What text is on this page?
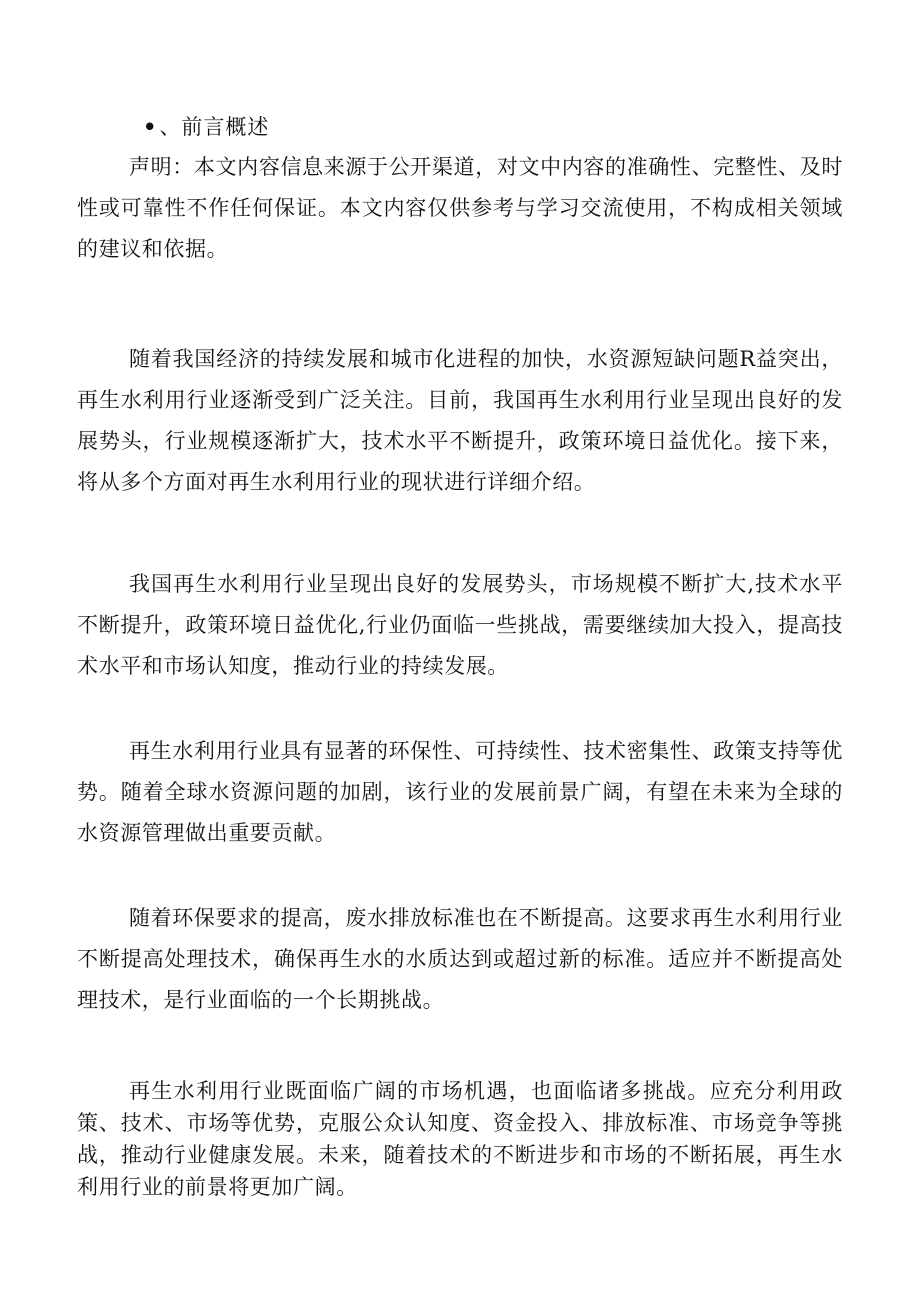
•、前言概述

声明：本文内容信息来源于公开渠道，对文中内容的准确性、完整性、及时性或可靠性不作任何保证。本文内容仅供参考与学习交流使用，不构成相关领域的建议和依据。

随着我国经济的持续发展和城市化进程的加快，水资源短缺问题R益突出，再生水利用行业逐渐受到广泛关注。目前，我国再生水利用行业呈现出良好的发展势头，行业规模逐渐扩大，技术水平不断提升，政策环境日益优化。接下来，将从多个方面对再生水利用行业的现状进行详细介绍。

我国再生水利用行业呈现出良好的发展势头，市场规模不断扩大,技术水平不断提升，政策环境日益优化,行业仍面临一些挑战，需要继续加大投入，提高技术水平和市场认知度，推动行业的持续发展。

再生水利用行业具有显著的环保性、可持续性、技术密集性、政策支持等优势。随着全球水资源问题的加剧，该行业的发展前景广阔，有望在未来为全球的水资源管理做出重要贡献。

随着环保要求的提高，废水排放标准也在不断提高。这要求再生水利用行业不断提高处理技术，确保再生水的水质达到或超过新的标准。适应并不断提高处理技术，是行业面临的一个长期挑战。

再生水利用行业既面临广阔的市场机遇，也面临诸多挑战。应充分利用政策、技术、市场等优势，克服公众认知度、资金投入、排放标准、市场竞争等挑战，推动行业健康发展。未来，随着技术的不断进步和市场的不断拓展，再生水利用行业的前景将更加广阔。
